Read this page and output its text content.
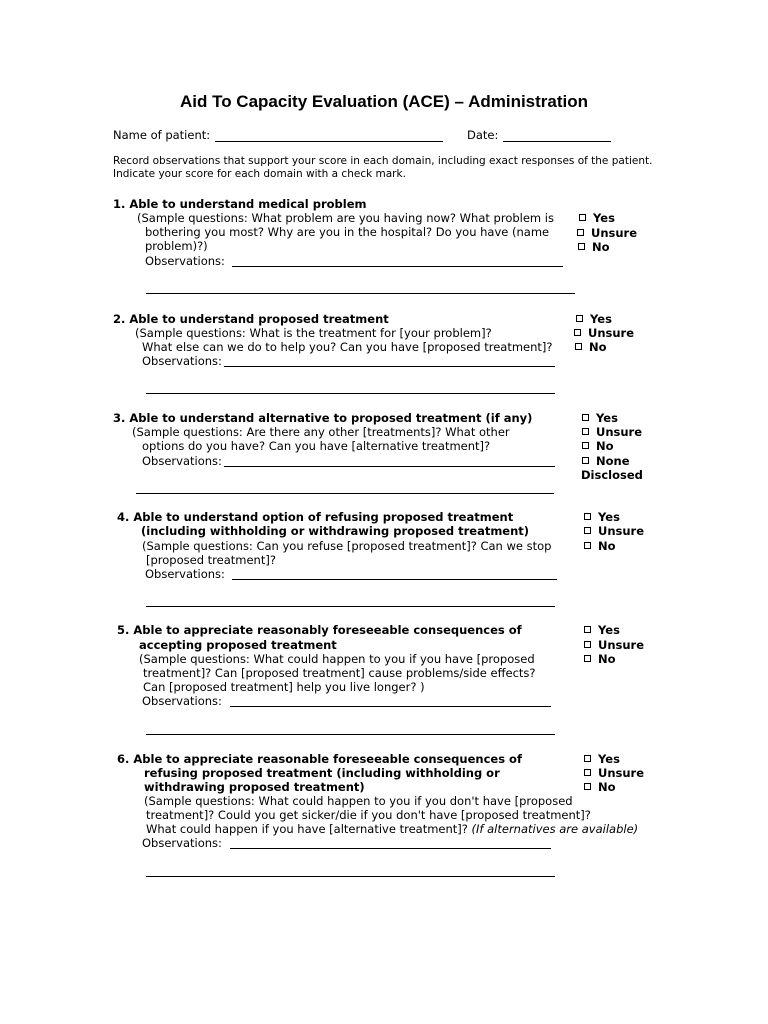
Aid To Capacity Evaluation (ACE) – Administration
Name of patient:	Date:
Record observations that support your score in each domain, including exact responses of the patient.
Indicate your score for each domain with a check mark.
1. Able to understand medical problem
(Sample questions: What problem are you having now? What problem is
bothering you most? Why are you in the hospital? Do you have (name
problem)?)
Observations:
Yes
Unsure
No
2. Able to understand proposed treatment
(Sample questions: What is the treatment for [your problem]?
What else can we do to help you? Can you have [proposed treatment]?
Observations:
Yes
Unsure
No
3. Able to understand alternative to proposed treatment (if any)
(Sample questions: Are there any other [treatments]? What other
options do you have? Can you have [alternative treatment]?
Observations:
Yes
Unsure
No
None
Disclosed
4. Able to understand option of refusing proposed treatment
(including withholding or withdrawing proposed treatment)
(Sample questions: Can you refuse [proposed treatment]? Can we stop
[proposed treatment]?
Observations:
Yes
Unsure
No
5. Able to appreciate reasonably foreseeable consequences of
accepting proposed treatment
(Sample questions: What could happen to you if you have [proposed
treatment]? Can [proposed treatment] cause problems/side effects?
Can [proposed treatment] help you live longer? )
Observations:
Yes
Unsure
No
6. Able to appreciate reasonable foreseeable consequences of
refusing proposed treatment (including withholding or
withdrawing proposed treatment)
(Sample questions: What could happen to you if you don't have [proposed
treatment]? Could you get sicker/die if you don't have [proposed treatment]?
What could happen if you have [alternative treatment]? (If alternatives are available)
Observations:
Yes
Unsure
No
